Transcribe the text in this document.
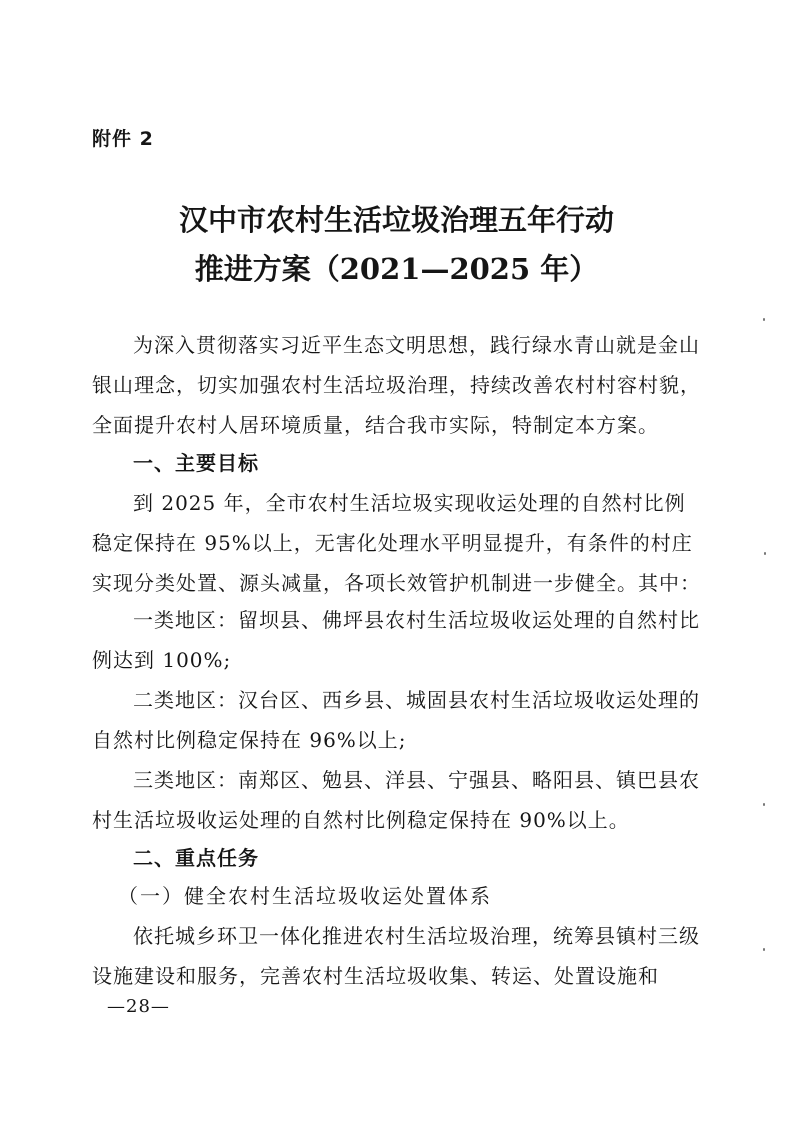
附件 2
汉中市农村生活垃圾治理五年行动
推进方案（2021—2025 年）
为深入贯彻落实习近平生态文明思想，践行绿水青山就是金山银山理念，切实加强农村生活垃圾治理，持续改善农村村容村貌，全面提升农村人居环境质量，结合我市实际，特制定本方案。
一、主要目标
到 2025 年，全市农村生活垃圾实现收运处理的自然村比例稳定保持在 95%以上，无害化处理水平明显提升，有条件的村庄实现分类处置、源头减量，各项长效管护机制进一步健全。其中：
一类地区：留坝县、佛坪县农村生活垃圾收运处理的自然村比例达到 100%;
二类地区：汉台区、西乡县、城固县农村生活垃圾收运处理的自然村比例稳定保持在 96%以上;
三类地区：南郑区、勉县、洋县、宁强县、略阳县、镇巴县农村生活垃圾收运处理的自然村比例稳定保持在 90%以上。
二、重点任务
（一）健全农村生活垃圾收运处置体系
依托城乡环卫一体化推进农村生活垃圾治理，统筹县镇村三级设施建设和服务，完善农村生活垃圾收集、转运、处置设施和
—28—
